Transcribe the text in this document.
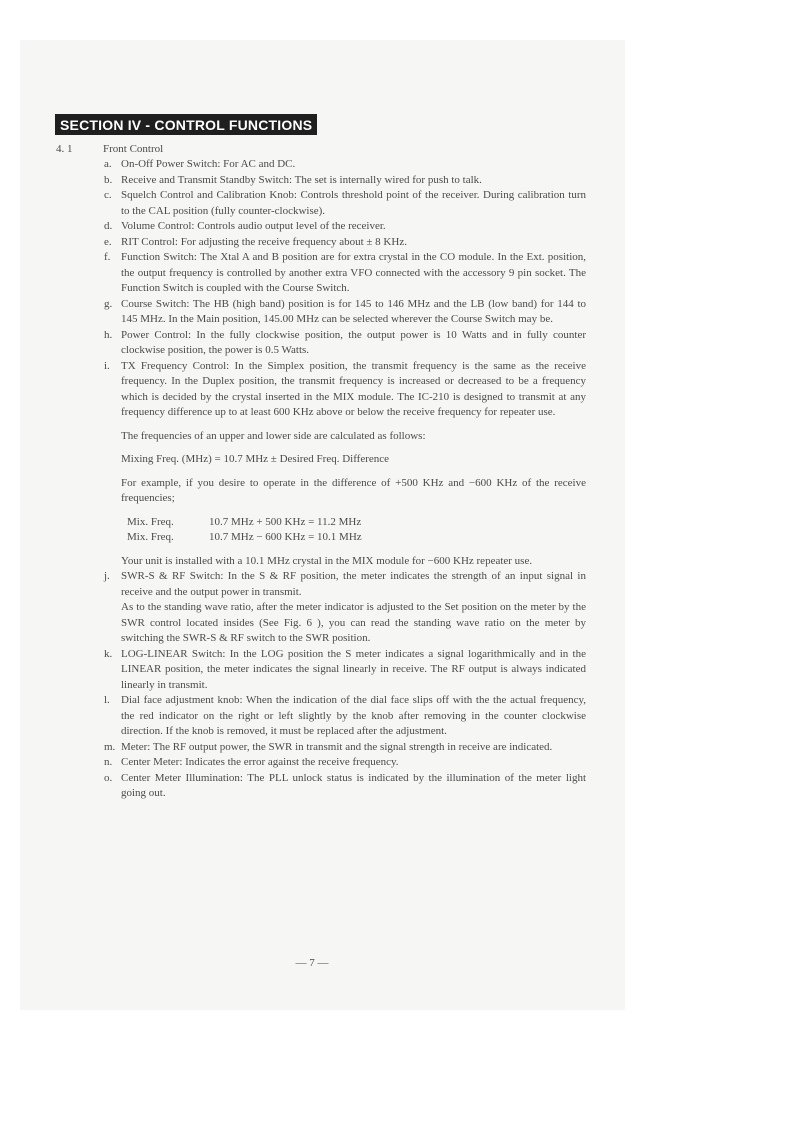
SECTION IV - CONTROL FUNCTIONS
4. 1	Front Control
a. On-Off Power Switch: For AC and DC.
b. Receive and Transmit Standby Switch: The set is internally wired for push to talk.
c. Squelch Control and Calibration Knob: Controls threshold point of the receiver. During calibration turn to the CAL position (fully counter-clockwise).
d. Volume Control: Controls audio output level of the receiver.
e. RIT Control: For adjusting the receive frequency about ± 8 KHz.
f. Function Switch: The Xtal A and B position are for extra crystal in the CO module. In the Ext. position, the output frequency is controlled by another extra VFO connected with the accessory 9 pin socket. The Function Switch is coupled with the Course Switch.
g. Course Switch: The HB (high band) position is for 145 to 146 MHz and the LB (low band) for 144 to 145 MHz. In the Main position, 145.00 MHz can be selected wherever the Course Switch may be.
h. Power Control: In the fully clockwise position, the output power is 10 Watts and in fully counter clockwise position, the power is 0.5 Watts.
i. TX Frequency Control: In the Simplex position, the transmit frequency is the same as the receive frequency. In the Duplex position, the transmit frequency is increased or decreased to be a frequency which is decided by the crystal inserted in the MIX module. The IC-210 is designed to transmit at any frequency difference up to at least 600 KHz above or below the receive frequency for repeater use.
The frequencies of an upper and lower side are calculated as follows:
Mixing Freq. (MHz) = 10.7 MHz ± Desired Freq. Difference
For example, if you desire to operate in the difference of +500 KHz and −600 KHz of the receive frequencies;
Mix. Freq.	10.7 MHz + 500 KHz = 11.2 MHz
Mix. Freq.	10.7 MHz − 600 KHz = 10.1 MHz
Your unit is installed with a 10.1 MHz crystal in the MIX module for −600 KHz repeater use.
j. SWR-S & RF Switch: In the S & RF position, the meter indicates the strength of an input signal in receive and the output power in transmit.
As to the standing wave ratio, after the meter indicator is adjusted to the Set position on the meter by the SWR control located insides (See Fig. 6 ), you can read the standing wave ratio on the meter by switching the SWR-S & RF switch to the SWR position.
k. LOG-LINEAR Switch: In the LOG position the S meter indicates a signal logarithmically and in the LINEAR position, the meter indicates the signal linearly in receive. The RF output is always indicated linearly in transmit.
l. Dial face adjustment knob: When the indication of the dial face slips off with the the actual frequency, the red indicator on the right or left slightly by the knob after removing in the counter clockwise direction. If the knob is removed, it must be replaced after the adjustment.
m. Meter: The RF output power, the SWR in transmit and the signal strength in receive are indicated.
n. Center Meter: Indicates the error against the receive frequency.
o. Center Meter Illumination: The PLL unlock status is indicated by the illumination of the meter light going out.
— 7 —
